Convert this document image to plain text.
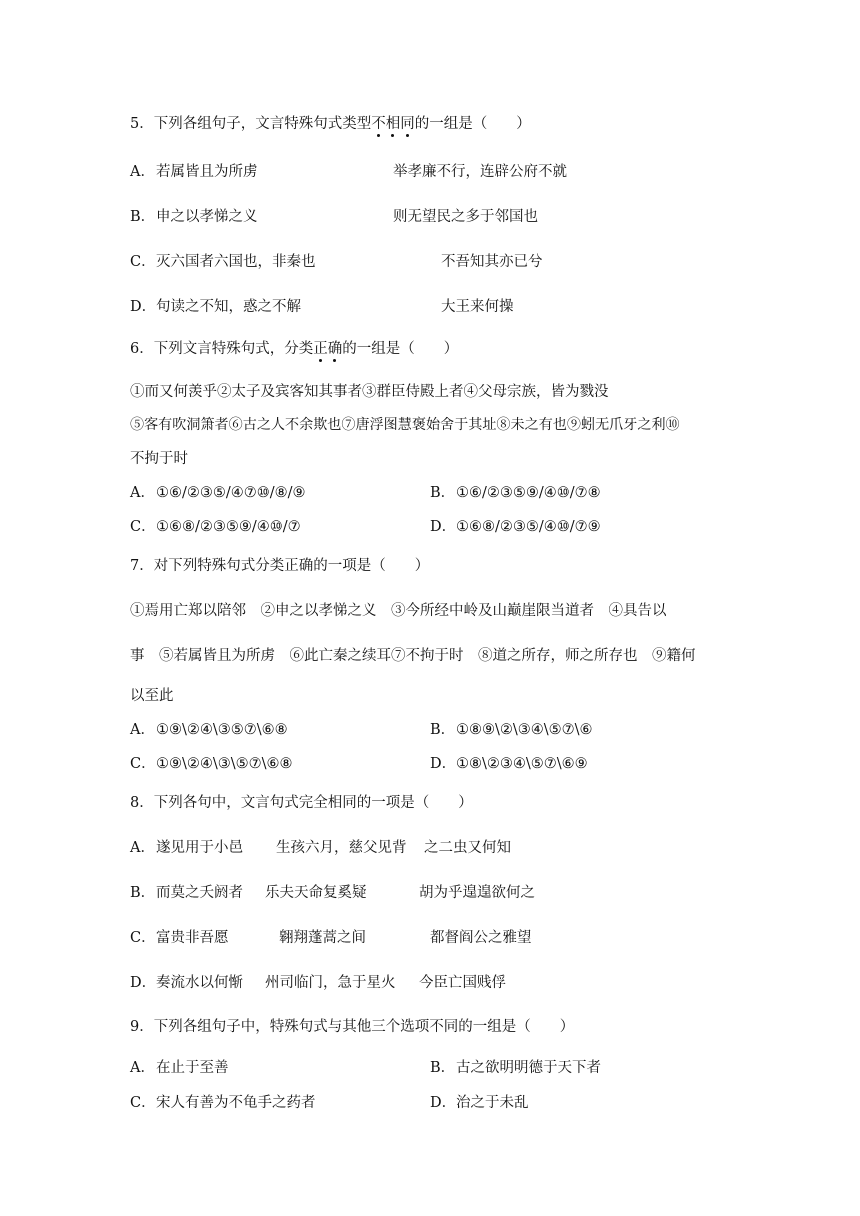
5．下列各组句子，文言特殊句式类型不相同的一组是（　　）
A． 若属皆且为所虏	举孝廉不行，连辟公府不就
B． 申之以孝悌之义	则无望民之多于邻国也
C． 灭六国者六国也，非秦也	不吾知其亦已兮
D． 句读之不知，惑之不解	大王来何操
6．下列文言特殊句式，分类正确的一组是（　　）
①而又何羡乎②太子及宾客知其事者③群臣侍殿上者④父母宗族，皆为戮没
⑤客有吹洞箫者⑥古之人不余欺也⑦唐浮图慧褒始舍于其址⑧未之有也⑨蚓无爪牙之利⑩
不拘于时
A． ①⑥/②③⑤/④⑦⑩/⑧/⑨	B． ①⑥/②③⑤⑨/④⑩/⑦⑧
C． ①⑥⑧/②③⑤⑨/④⑩/⑦	D． ①⑥⑧/②③⑤/④⑩/⑦⑨
7．对下列特殊句式分类正确的一项是（　　）
①焉用亡郑以陪邻　②申之以孝悌之义　③今所经中岭及山巅崖限当道者　④具告以
事　⑤若属皆且为所虏　⑥此亡秦之续耳⑦不拘于时　⑧道之所存，师之所存也　⑨籍何
以至此
A． ①⑨\②④\③⑤⑦\⑥⑧	B． ①⑧⑨\②\③④\⑤⑦\⑥
C． ①⑨\②④\③\⑤⑦\⑥⑧	D． ①⑧\②③④\⑤⑦\⑥⑨
8．下列各句中，文言句式完全相同的一项是（　　）
A． 遂见用于小邑 生孩六月，慈父见背 之二虫又何知
B． 而莫之夭阏者 乐夫天命复奚疑	胡为乎遑遑欲何之
C． 富贵非吾愿	翱翔蓬蒿之间	都督阎公之雅望
D． 奏流水以何惭 州司临门，急于星火 今臣亡国贱俘
9．下列各组句子中，特殊句式与其他三个选项不同的一组是（　　）
A． 在止于至善	B． 古之欲明明德于天下者
C． 宋人有善为不龟手之药者	D． 治之于未乱
